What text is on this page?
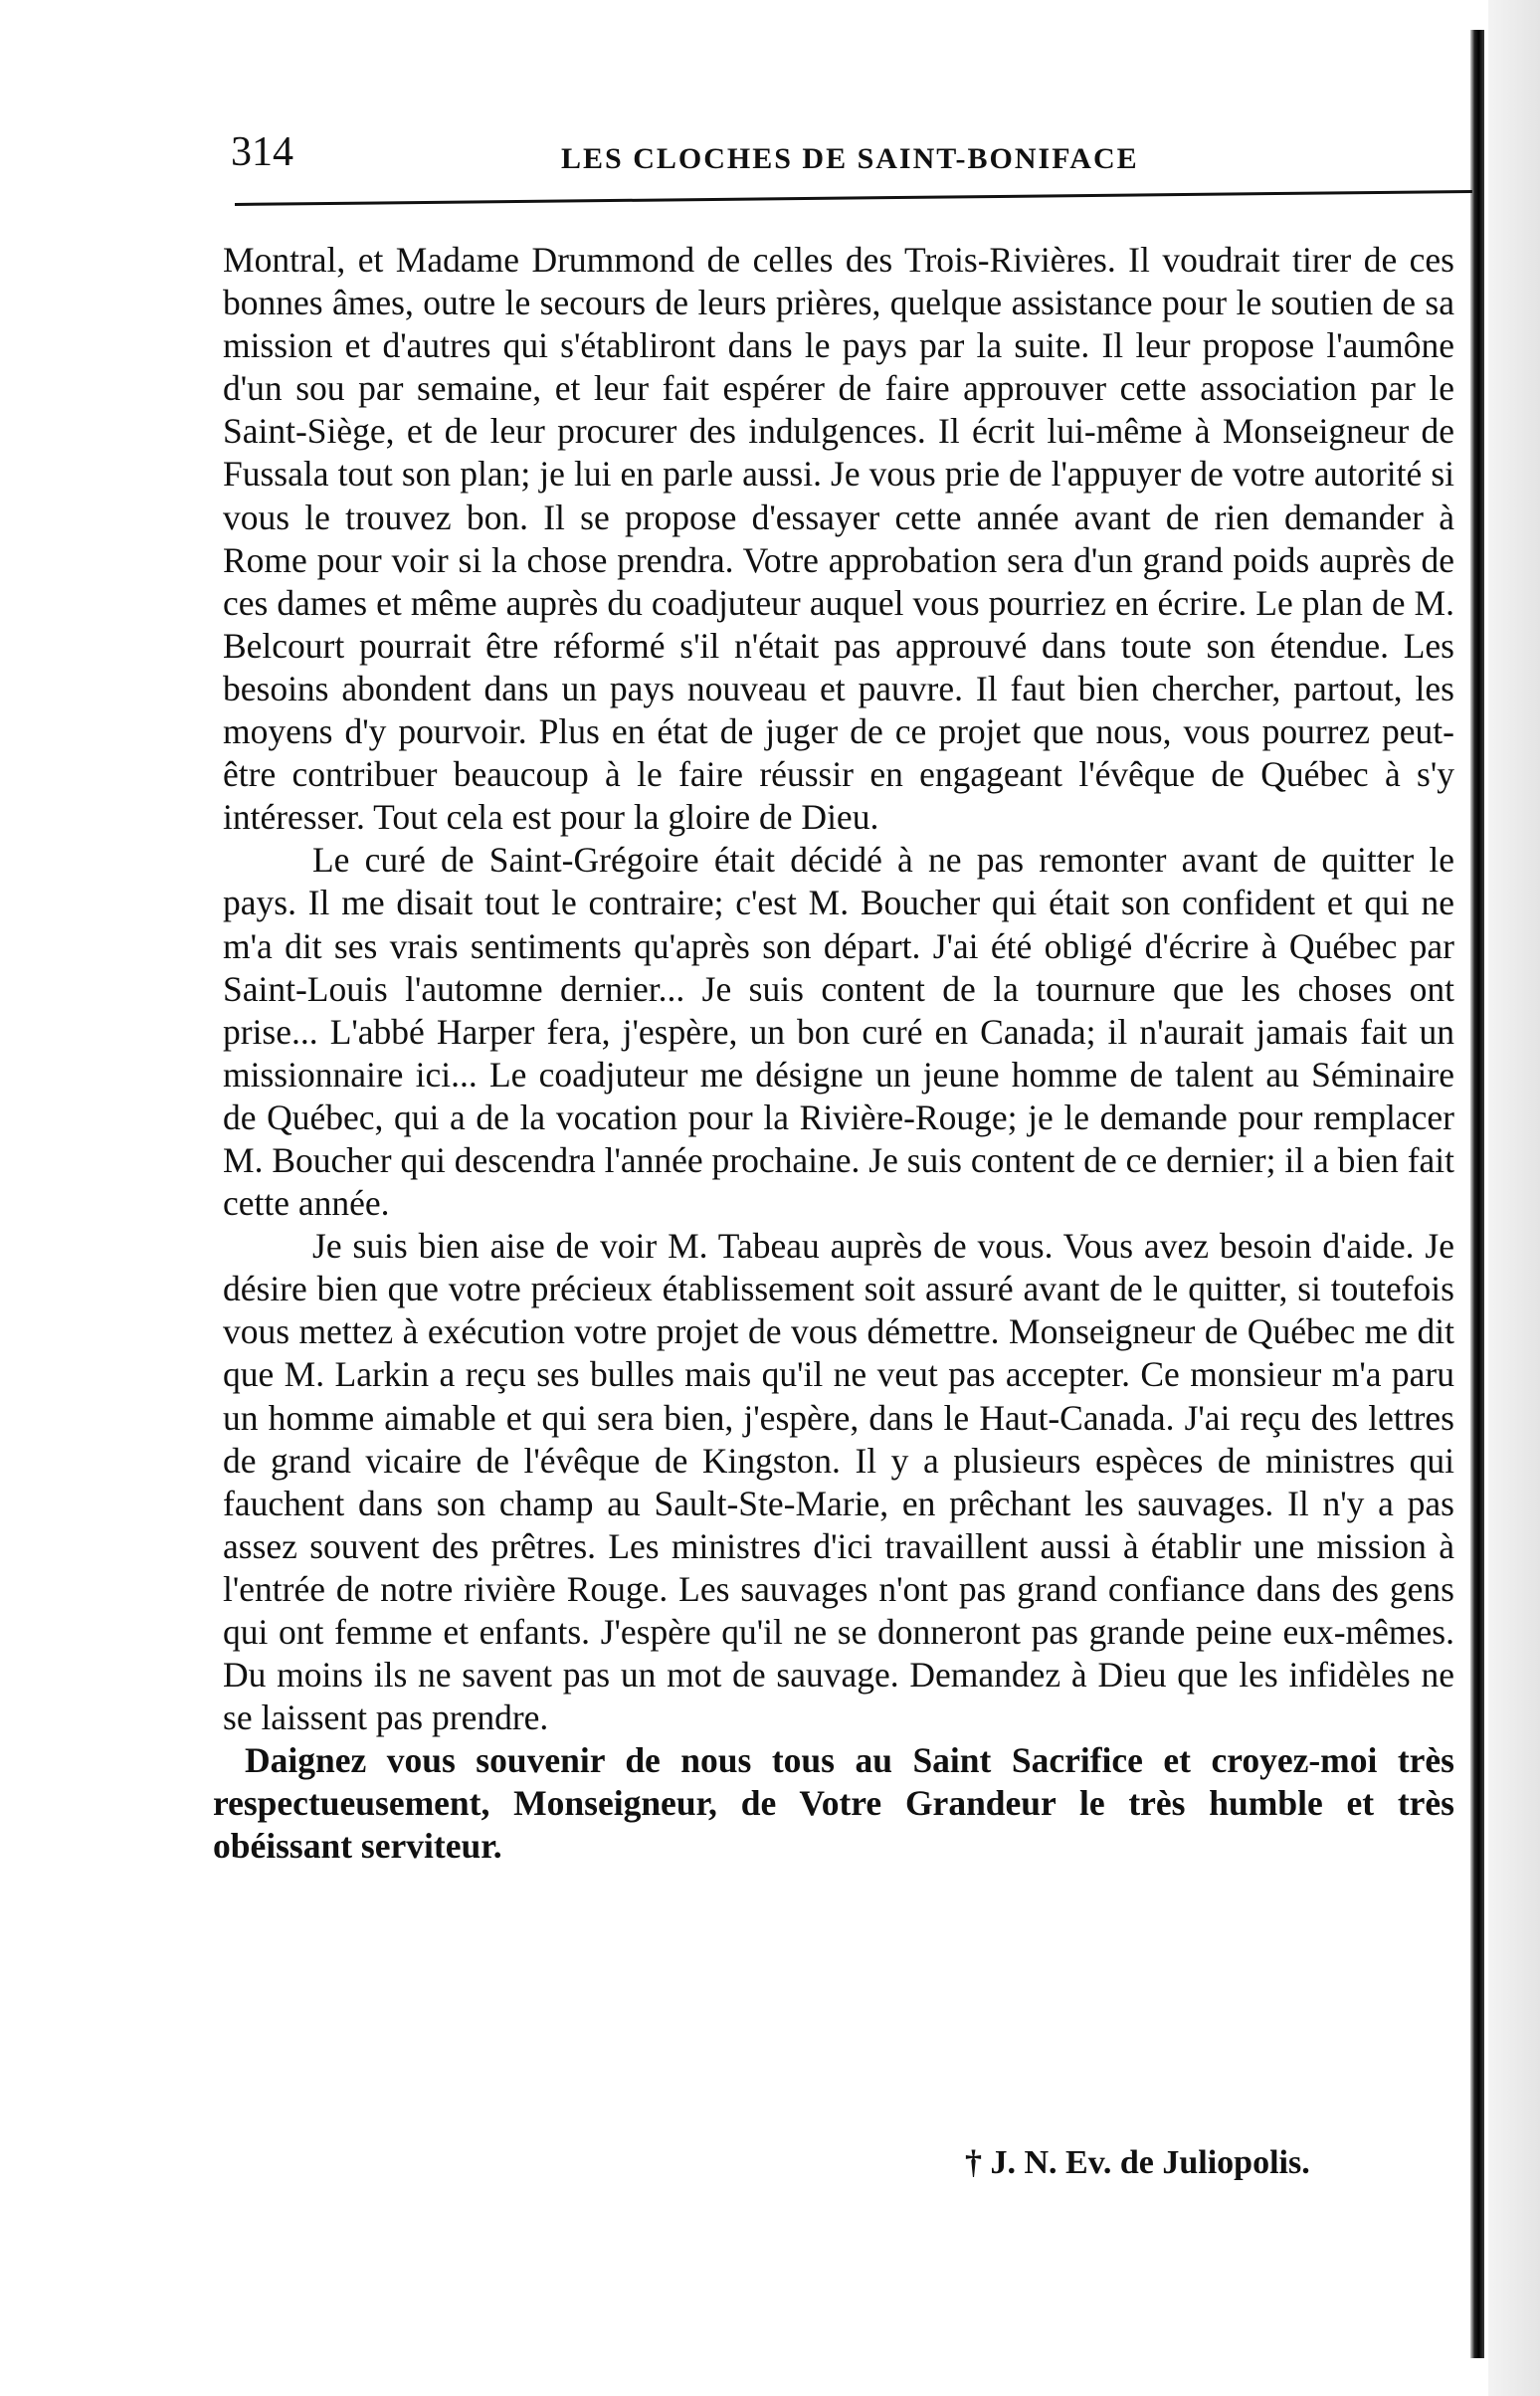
314	LES CLOCHES DE SAINT-BONIFACE

Montral, et Madame Drummond de celles des Trois-Rivières. Il voudrait tirer de ces bonnes âmes, outre le secours de leurs prières, quelque assistance pour le soutien de sa mission et d'autres qui s'établiront dans le pays par la suite. Il leur propose l'aumône d'un sou par semaine, et leur fait espérer de faire approuver cette association par le Saint-Siège, et de leur procurer des indulgences. Il écrit lui-même à Monseigneur de Fussala tout son plan; je lui en parle aussi. Je vous prie de l'appuyer de votre autorité si vous le trouvez bon. Il se propose d'essayer cette année avant de rien demander à Rome pour voir si la chose prendra. Votre approbation sera d'un grand poids auprès de ces dames et même auprès du coadjuteur auquel vous pourriez en écrire. Le plan de M. Belcourt pourrait être réformé s'il n'était pas approuvé dans toute son étendue. Les besoins abondent dans un pays nouveau et pauvre. Il faut bien chercher, partout, les moyens d'y pourvoir. Plus en état de juger de ce projet que nous, vous pourrez peut-être contribuer beaucoup à le faire réussir en engageant l'évêque de Québec à s'y intéresser. Tout cela est pour la gloire de Dieu.

Le curé de Saint-Grégoire était décidé à ne pas remonter avant de quitter le pays. Il me disait tout le contraire; c'est M. Boucher qui était son confident et qui ne m'a dit ses vrais sentiments qu'après son départ. J'ai été obligé d'écrire à Québec par Saint-Louis l'automne dernier... Je suis content de la tournure que les choses ont prise... L'abbé Harper fera, j'espère, un bon curé en Canada; il n'aurait jamais fait un missionnaire ici... Le coadjuteur me désigne un jeune homme de talent au Séminaire de Québec, qui a de la vocation pour la Rivière-Rouge; je le demande pour remplacer M. Boucher qui descendra l'année prochaine. Je suis content de ce dernier; il a bien fait cette année.

Je suis bien aise de voir M. Tabeau auprès de vous. Vous avez besoin d'aide. Je désire bien que votre précieux établissement soit assuré avant de le quitter, si toutefois vous mettez à exécution votre projet de vous démettre. Monseigneur de Québec me dit que M. Larkin a reçu ses bulles mais qu'il ne veut pas accepter. Ce monsieur m'a paru un homme aimable et qui sera bien, j'espère, dans le Haut-Canada. J'ai reçu des lettres de grand vicaire de l'évêque de Kingston. Il y a plusieurs espèces de ministres qui fauchent dans son champ au Sault-Ste-Marie, en prêchant les sauvages. Il n'y a pas assez souvent des prêtres. Les ministres d'ici travaillent aussi à établir une mission à l'entrée de notre rivière Rouge. Les sauvages n'ont pas grand confiance dans des gens qui ont femme et enfants. J'espère qu'il ne se donneront pas grande peine eux-mêmes. Du moins ils ne savent pas un mot de sauvage. Demandez à Dieu que les infidèles ne se laissent pas prendre.

Daignez vous souvenir de nous tous au Saint Sacrifice et croyez-moi très respectueusement, Monseigneur, de Votre Grandeur le très humble et très obéissant serviteur.

† J. N. Ev. de Juliopolis.
